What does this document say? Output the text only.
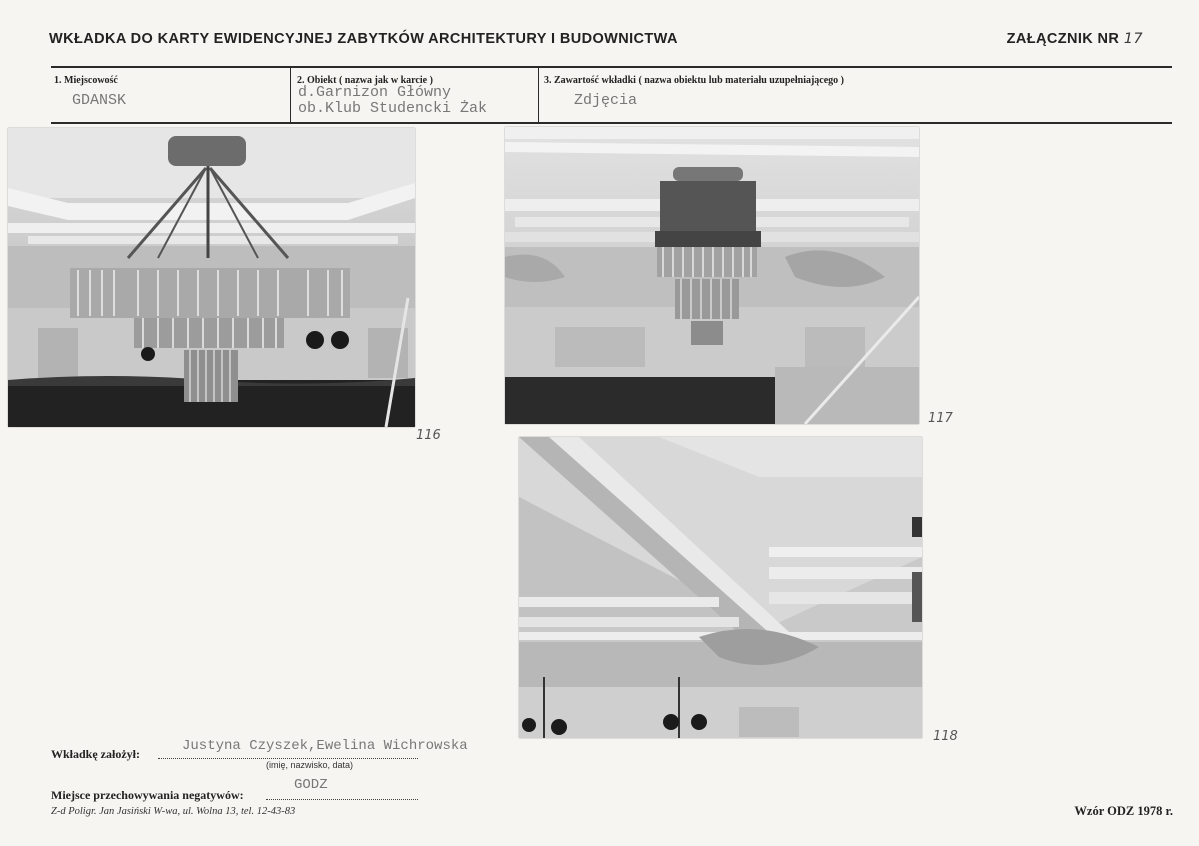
WKŁADKA DO KARTY EWIDENCYJNEJ ZABYTKÓW ARCHITEKTURY I BUDOWNICTWA	ZAŁĄCZNIK NR 17
1. Miejscowość
GDANSK
2. Obiekt ( nazwa jak w karcie )
d.Garnizon Główny
ob.Klub Studencki Żak
3. Zawartość wkładki ( nazwa obiektu lub materiału uzupełniającego )
Zdjęcia
116
117
118
Wkładkę założył:	Justyna Czyszek,Ewelina Wichrowska
(imię, nazwisko, data)
Miejsce przechowywania negatywów:
GODZ
Z-d Poligr. Jan Jasiński W-wa, ul. Wolna 13, tel. 12-43-83	Wzór ODZ 1978 r.
